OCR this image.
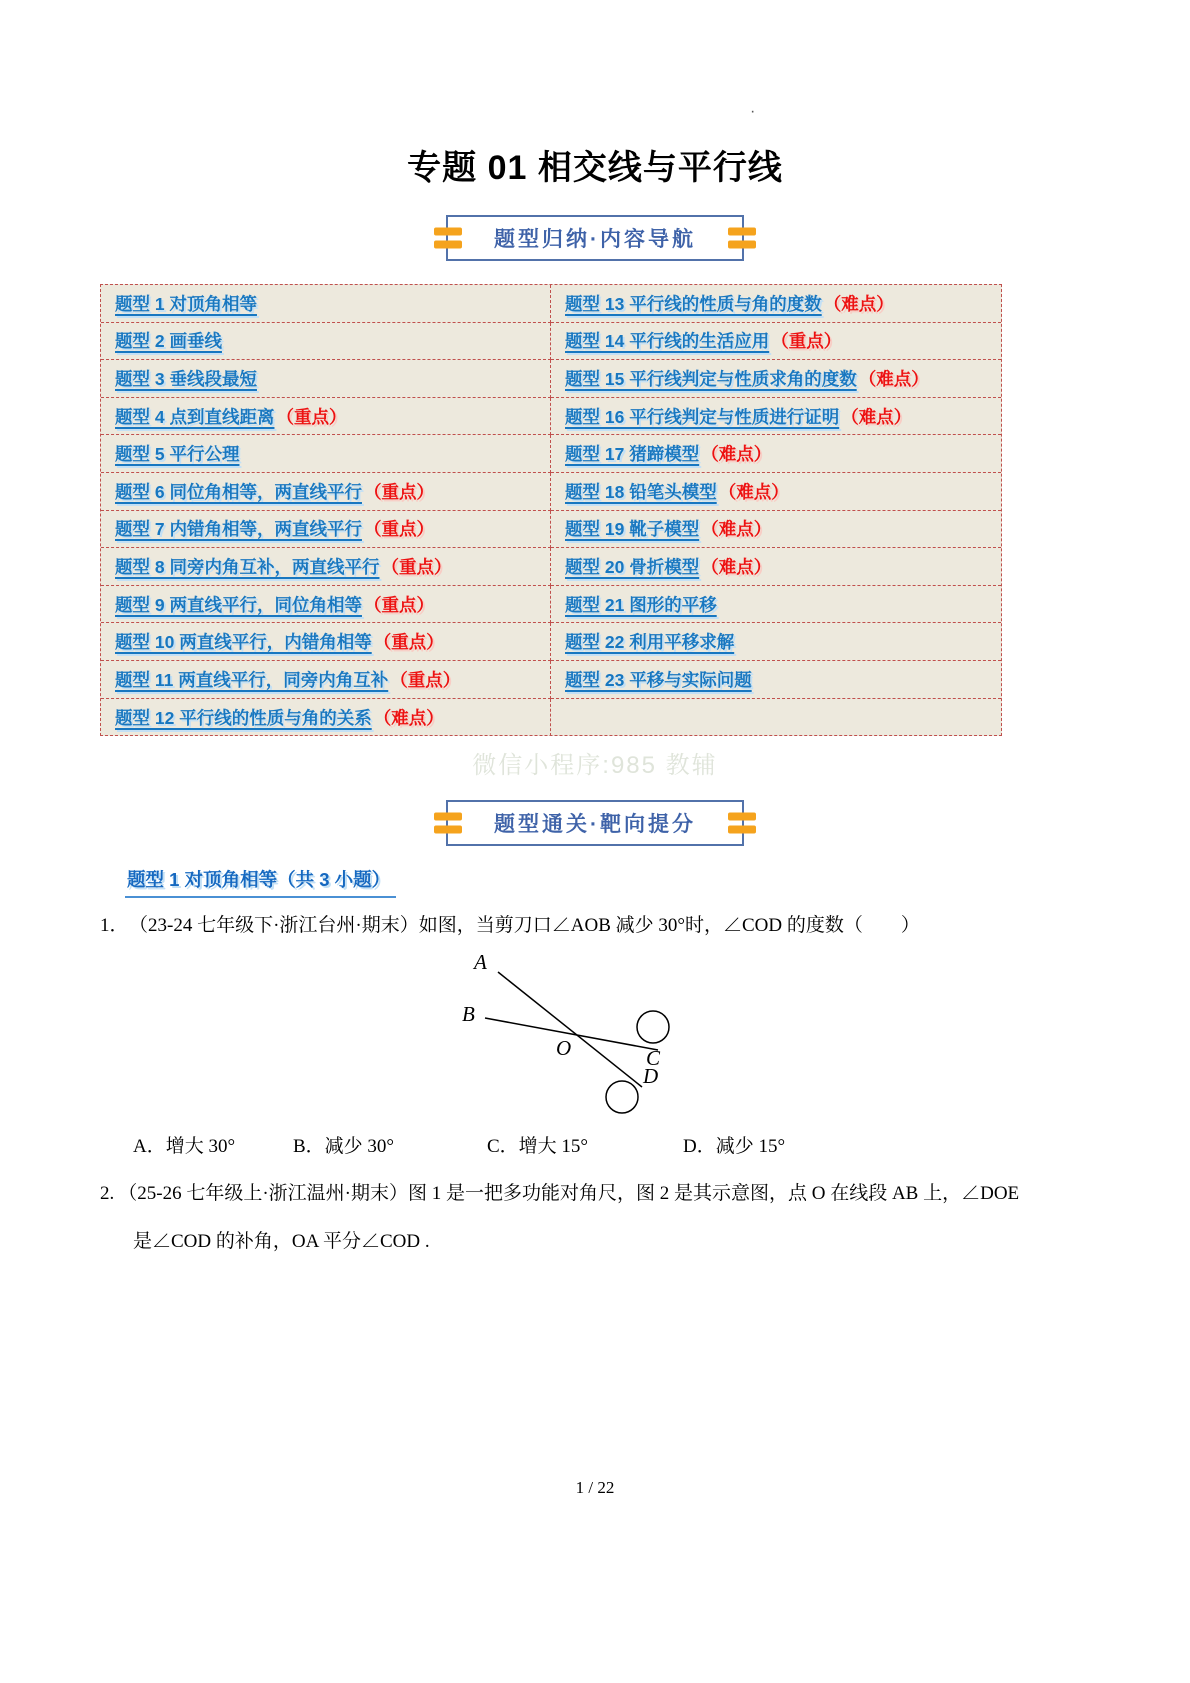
·
专题 01 相交线与平行线
题型归纳·内容导航
题型 1 对顶角相等	题型 13 平行线的性质与角的度数 （难点）
题型 2 画垂线	题型 14 平行线的生活应用 （重点）
题型 3 垂线段最短	题型 15 平行线判定与性质求角的度数 （难点）
题型 4 点到直线距离 （重点）	题型 16 平行线判定与性质进行证明 （难点）
题型 5 平行公理	题型 17 猪蹄模型 （难点）
题型 6 同位角相等，两直线平行 （重点）	题型 18 铅笔头模型 （难点）
题型 7 内错角相等，两直线平行 （重点）	题型 19 靴子模型 （难点）
题型 8 同旁内角互补，两直线平行 （重点）	题型 20 骨折模型 （难点）
题型 9 两直线平行，同位角相等 （重点）	题型 21 图形的平移
题型 10 两直线平行，内错角相等 （重点）	题型 22 利用平移求解
题型 11 两直线平行，同旁内角互补 （重点）	题型 23 平移与实际问题
题型 12 平行线的性质与角的关系 （难点）
微信小程序:985 教辅
题型通关·靶向提分
题型 1 对顶角相等（共 3 小题）
1． （23-24 七年级下·浙江台州·期末）如图，当剪刀口∠AOB 减少 30°时，∠COD 的度数（　　）
A
B
O	C
D
A．增大 30°	B．减少 30°	C．增大 15°	D．减少 15°
2. （25-26 七年级上·浙江温州·期末）图 1 是一把多功能对角尺，图 2 是其示意图，点 O 在线段 AB 上，∠DOE
是∠COD 的补角，OA 平分∠COD .
1 / 22
